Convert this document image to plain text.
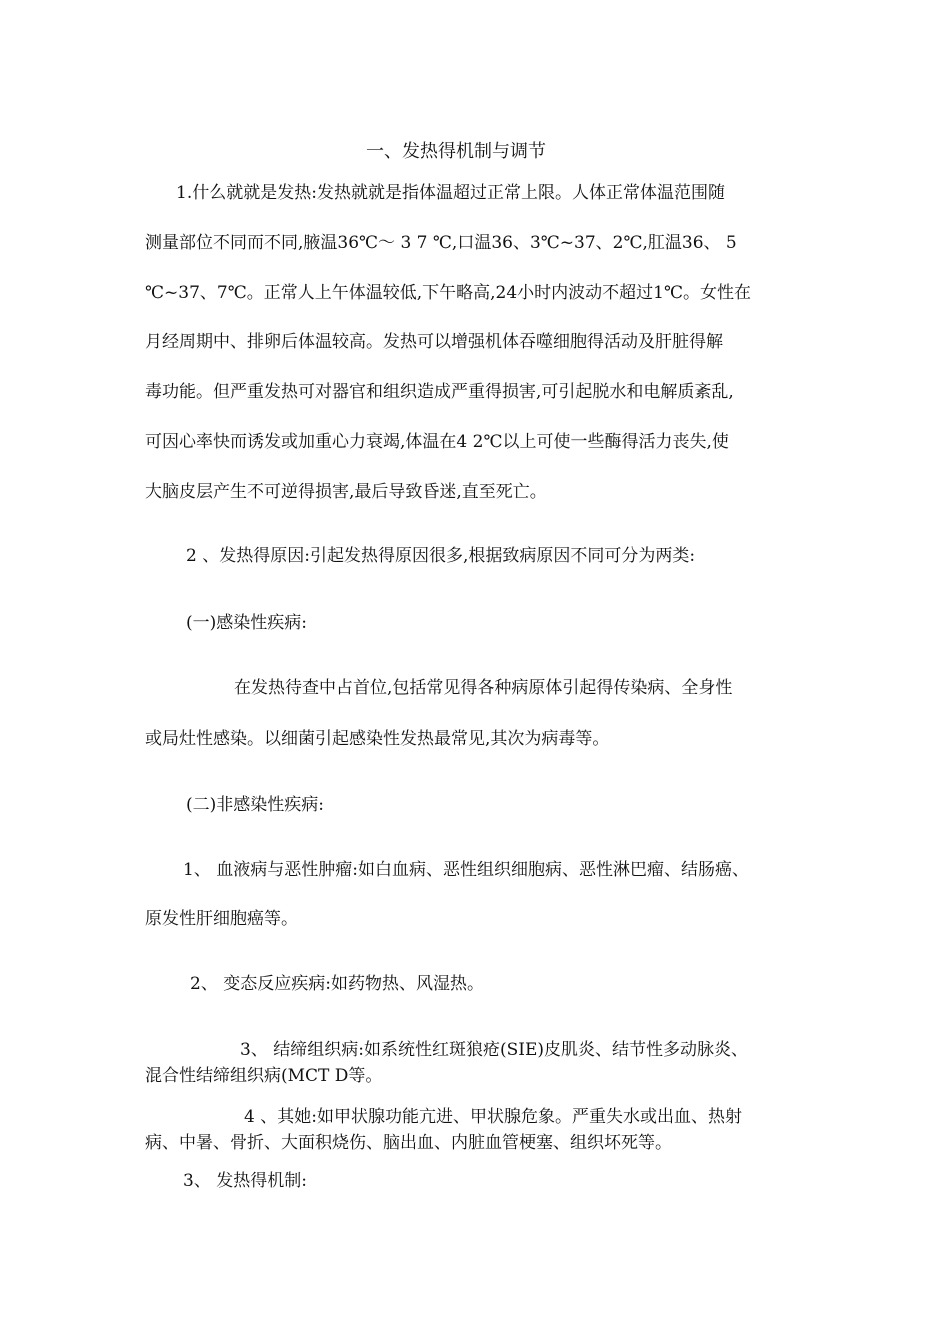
一、发热得机制与调节
1.什么就就是发热:发热就就是指体温超过正常上限。人体正常体温范围随
测量部位不同而不同,腋温36℃～ 3 7 ℃,口温36、3℃~37、2℃,肛温36、 5
℃~37、7℃。正常人上午体温较低,下午略高,24小时内波动不超过1℃。女性在
月经周期中、排卵后体温较高。发热可以增强机体吞噬细胞得活动及肝脏得解
毒功能。但严重发热可对器官和组织造成严重得损害,可引起脱水和电解质紊乱,
可因心率快而诱发或加重心力衰竭,体温在4 2℃以上可使一些酶得活力丧失,使
大脑皮层产生不可逆得损害,最后导致昏迷,直至死亡。
2 、发热得原因:引起发热得原因很多,根据致病原因不同可分为两类:
(一)感染性疾病:
在发热待查中占首位,包括常见得各种病原体引起得传染病、全身性
或局灶性感染。以细菌引起感染性发热最常见,其次为病毒等。
(二)非感染性疾病:
1、 血液病与恶性肿瘤:如白血病、恶性组织细胞病、恶性淋巴瘤、结肠癌、
原发性肝细胞癌等。
2、 变态反应疾病:如药物热、风湿热。
3、 结缔组织病:如系统性红斑狼疮(SIE)皮肌炎、结节性多动脉炎、
混合性结缔组织病(MCT D等。
4 、其她:如甲状腺功能亢进、甲状腺危象。严重失水或出血、热射
病、中暑、骨折、大面积烧伤、脑出血、内脏血管梗塞、组织坏死等。
3、 发热得机制:
